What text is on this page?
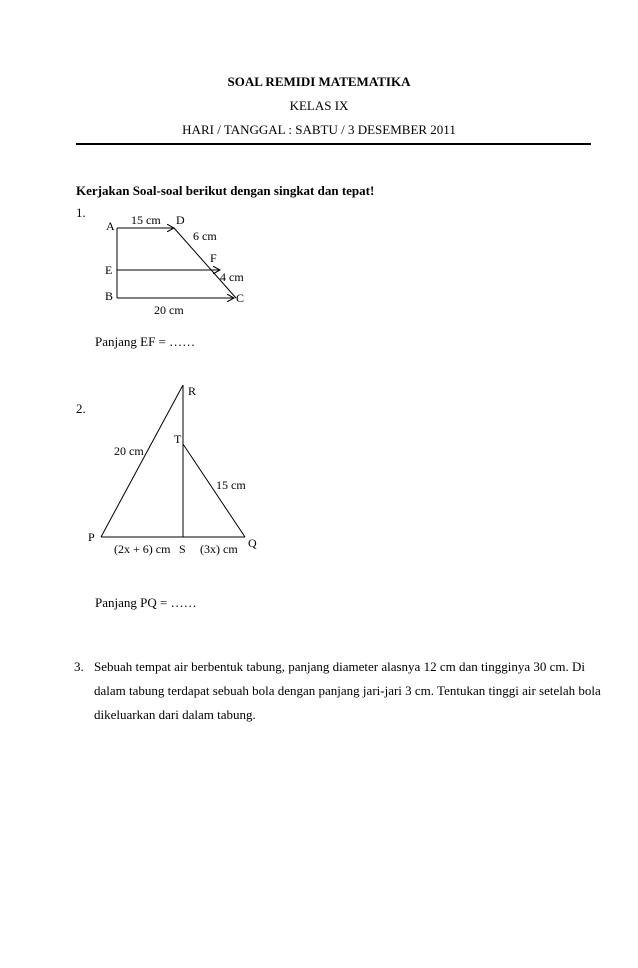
SOAL REMIDI MATEMATIKA
KELAS IX
HARI / TANGGAL : SABTU / 3 DESEMBER 2011
Kerjakan Soal-soal berikut dengan singkat dan tepat!
1.
A	D
E
F
B	C
15 cm
6 cm
4 cm
20 cm
R
T
P	Q
S
20 cm
15 cm
(2x + 6) cm (3x) cm
Panjang EF = ……
2.
Panjang PQ = ……
3. Sebuah tempat air berbentuk tabung, panjang diameter alasnya 12 cm dan tingginya 30 cm. Di dalam tabung terdapat sebuah bola dengan panjang jari-jari 3 cm. Tentukan tinggi air setelah bola dikeluarkan dari dalam tabung.
